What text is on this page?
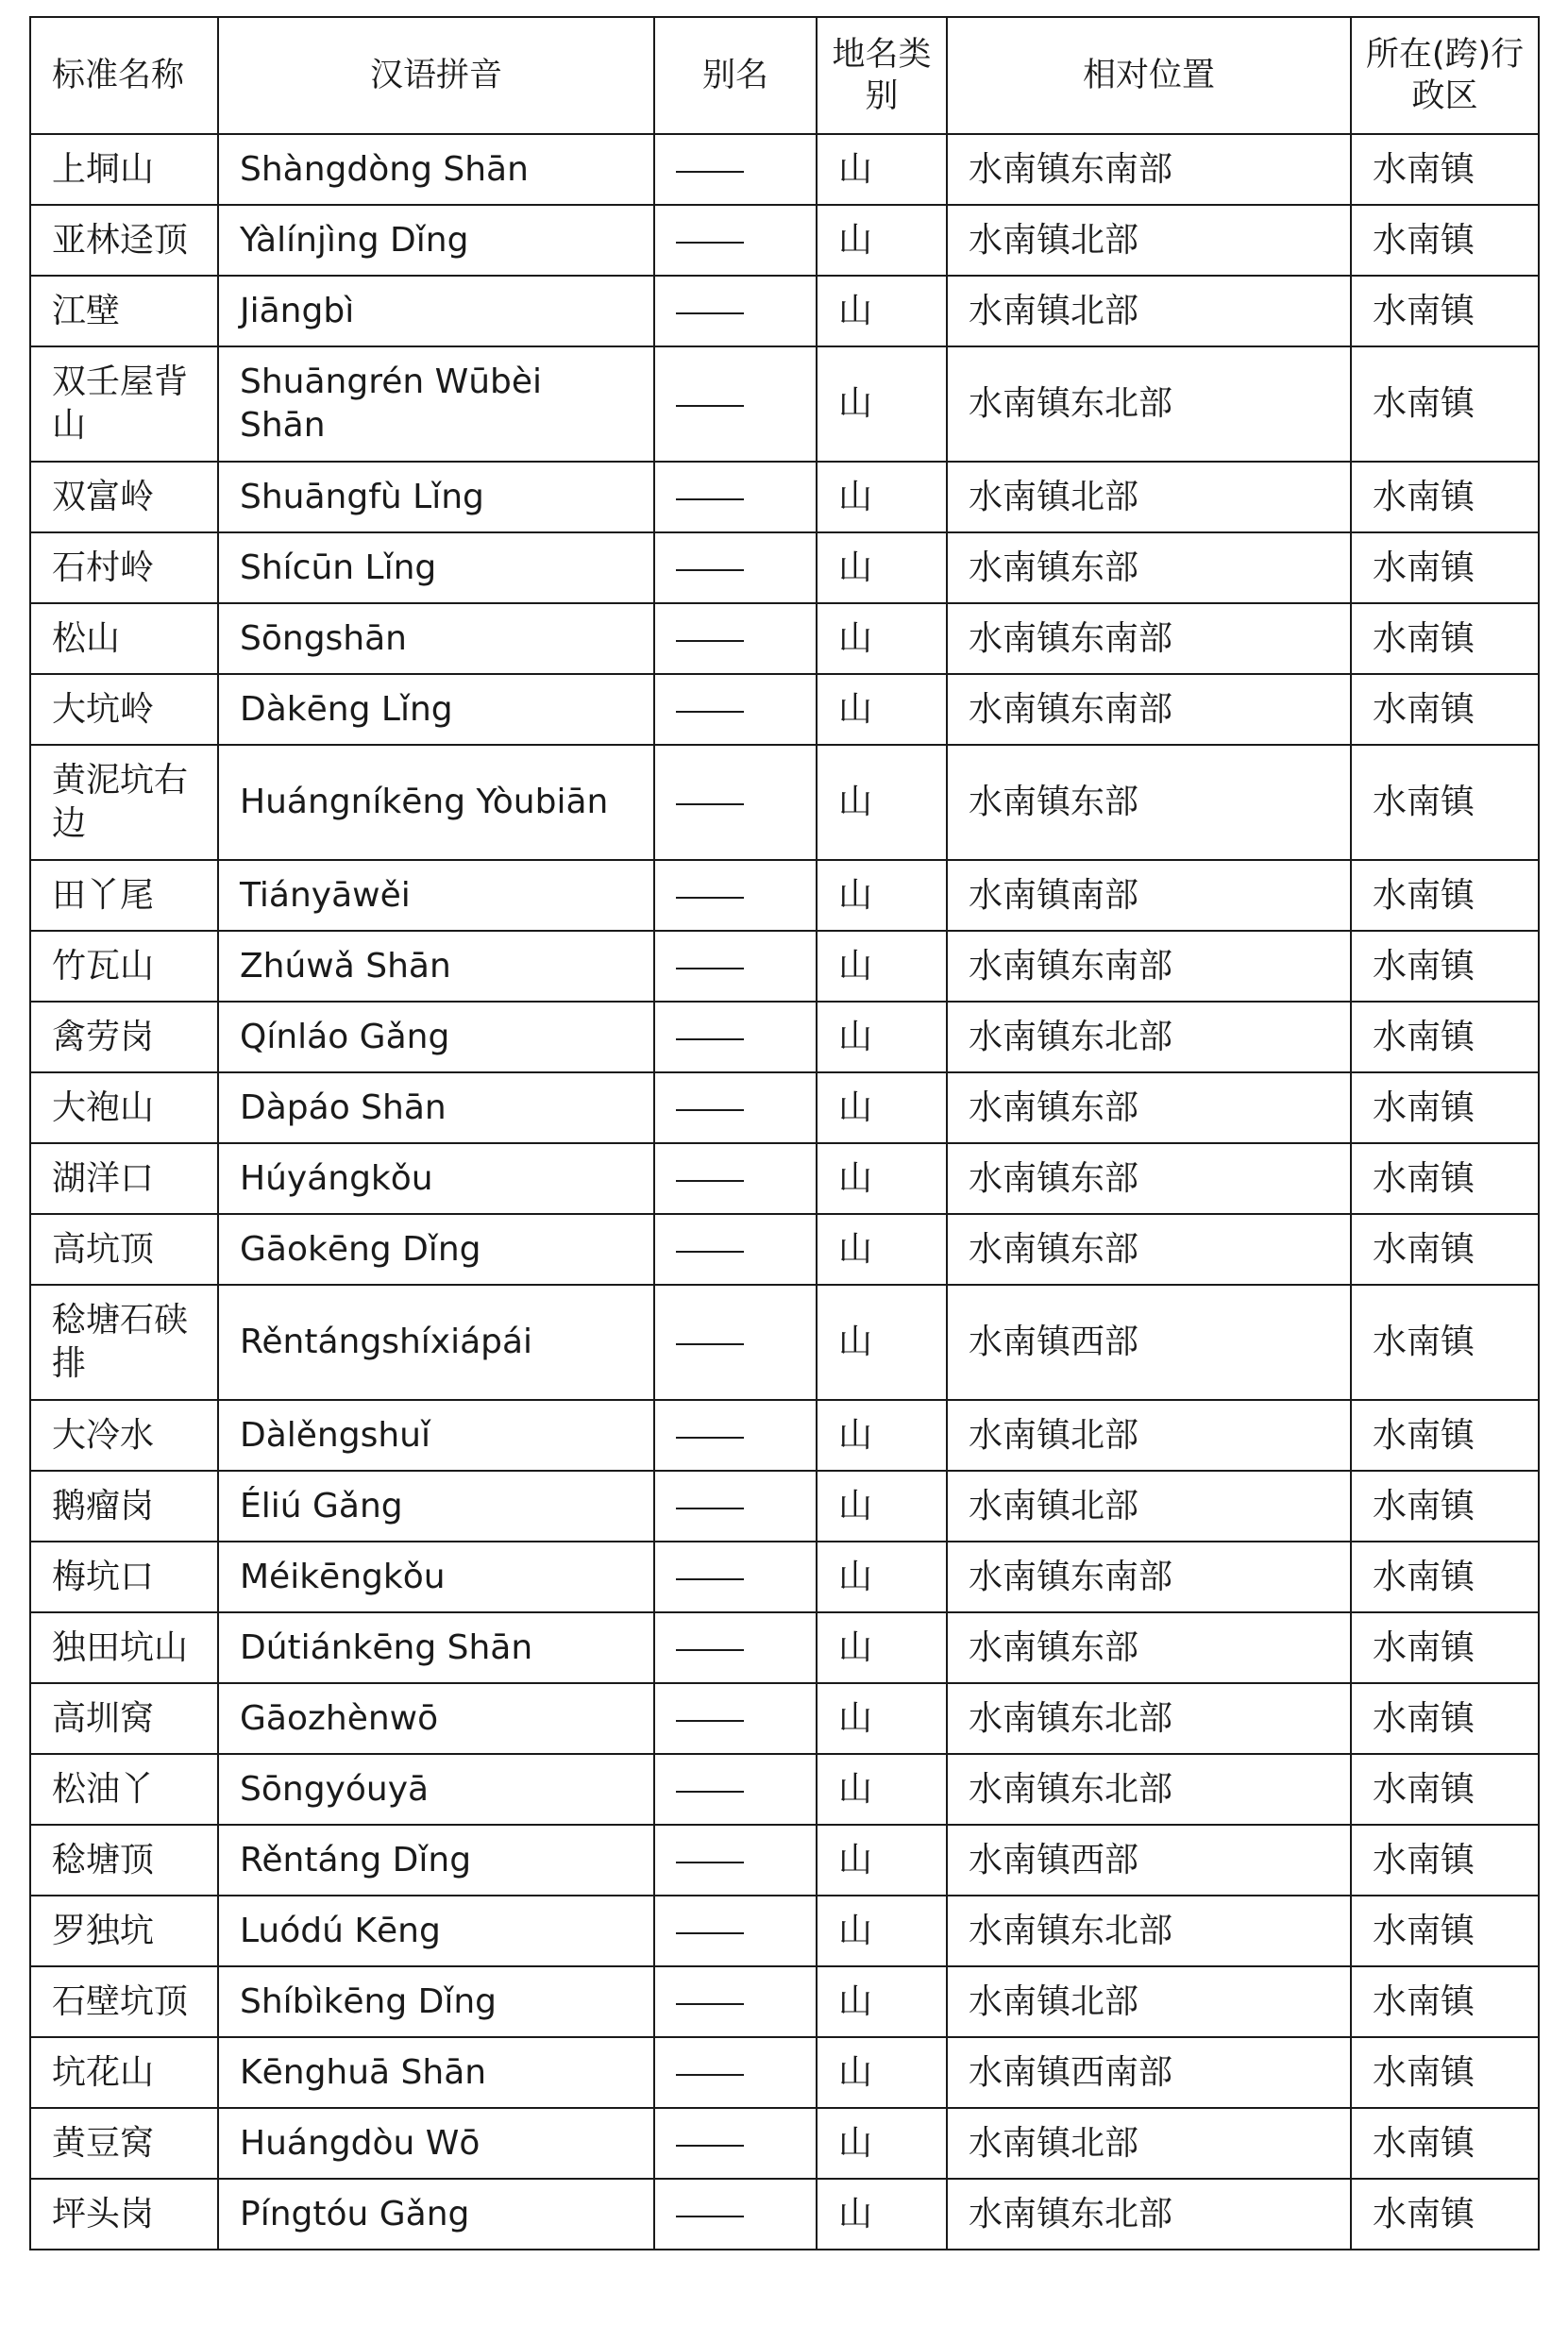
标准名称	汉语拼音	别名	地名类别	相对位置	所在(跨)行政区
上垌山	Shàngdòng Shān		山	水南镇东南部	水南镇
亚林迳顶	Yàlínjìng Dǐng		山	水南镇北部	水南镇
江壁	Jiāngbì		山	水南镇北部	水南镇
双壬屋背山	Shuāngrén Wūbèi Shān		山	水南镇东北部	水南镇
双富岭	Shuāngfù Lǐng		山	水南镇北部	水南镇
石村岭	Shícūn Lǐng		山	水南镇东部	水南镇
松山	Sōngshān		山	水南镇东南部	水南镇
大坑岭	Dàkēng Lǐng		山	水南镇东南部	水南镇
黄泥坑右边	Huángníkēng Yòubiān		山	水南镇东部	水南镇
田丫尾	Tiányāwěi		山	水南镇南部	水南镇
竹瓦山	Zhúwǎ Shān		山	水南镇东南部	水南镇
禽劳岗	Qínláo Gǎng		山	水南镇东北部	水南镇
大袍山	Dàpáo Shān		山	水南镇东部	水南镇
湖洋口	Húyángkǒu		山	水南镇东部	水南镇
高坑顶	Gāokēng Dǐng		山	水南镇东部	水南镇
稔塘石硖排	Rěntángshíxiápái		山	水南镇西部	水南镇
大冷水	Dàlěngshuǐ		山	水南镇北部	水南镇
鹅瘤岗	Éliú Gǎng		山	水南镇北部	水南镇
梅坑口	Méikēngkǒu		山	水南镇东南部	水南镇
独田坑山	Dútiánkēng Shān		山	水南镇东部	水南镇
高圳窝	Gāozhènwō		山	水南镇东北部	水南镇
松油丫	Sōngyóuyā		山	水南镇东北部	水南镇
稔塘顶	Rěntáng Dǐng		山	水南镇西部	水南镇
罗独坑	Luódú Kēng		山	水南镇东北部	水南镇
石壁坑顶	Shíbìkēng Dǐng		山	水南镇北部	水南镇
坑花山	Kēnghuā Shān		山	水南镇西南部	水南镇
黄豆窝	Huángdòu Wō		山	水南镇北部	水南镇
坪头岗	Píngtóu Gǎng		山	水南镇东北部	水南镇
